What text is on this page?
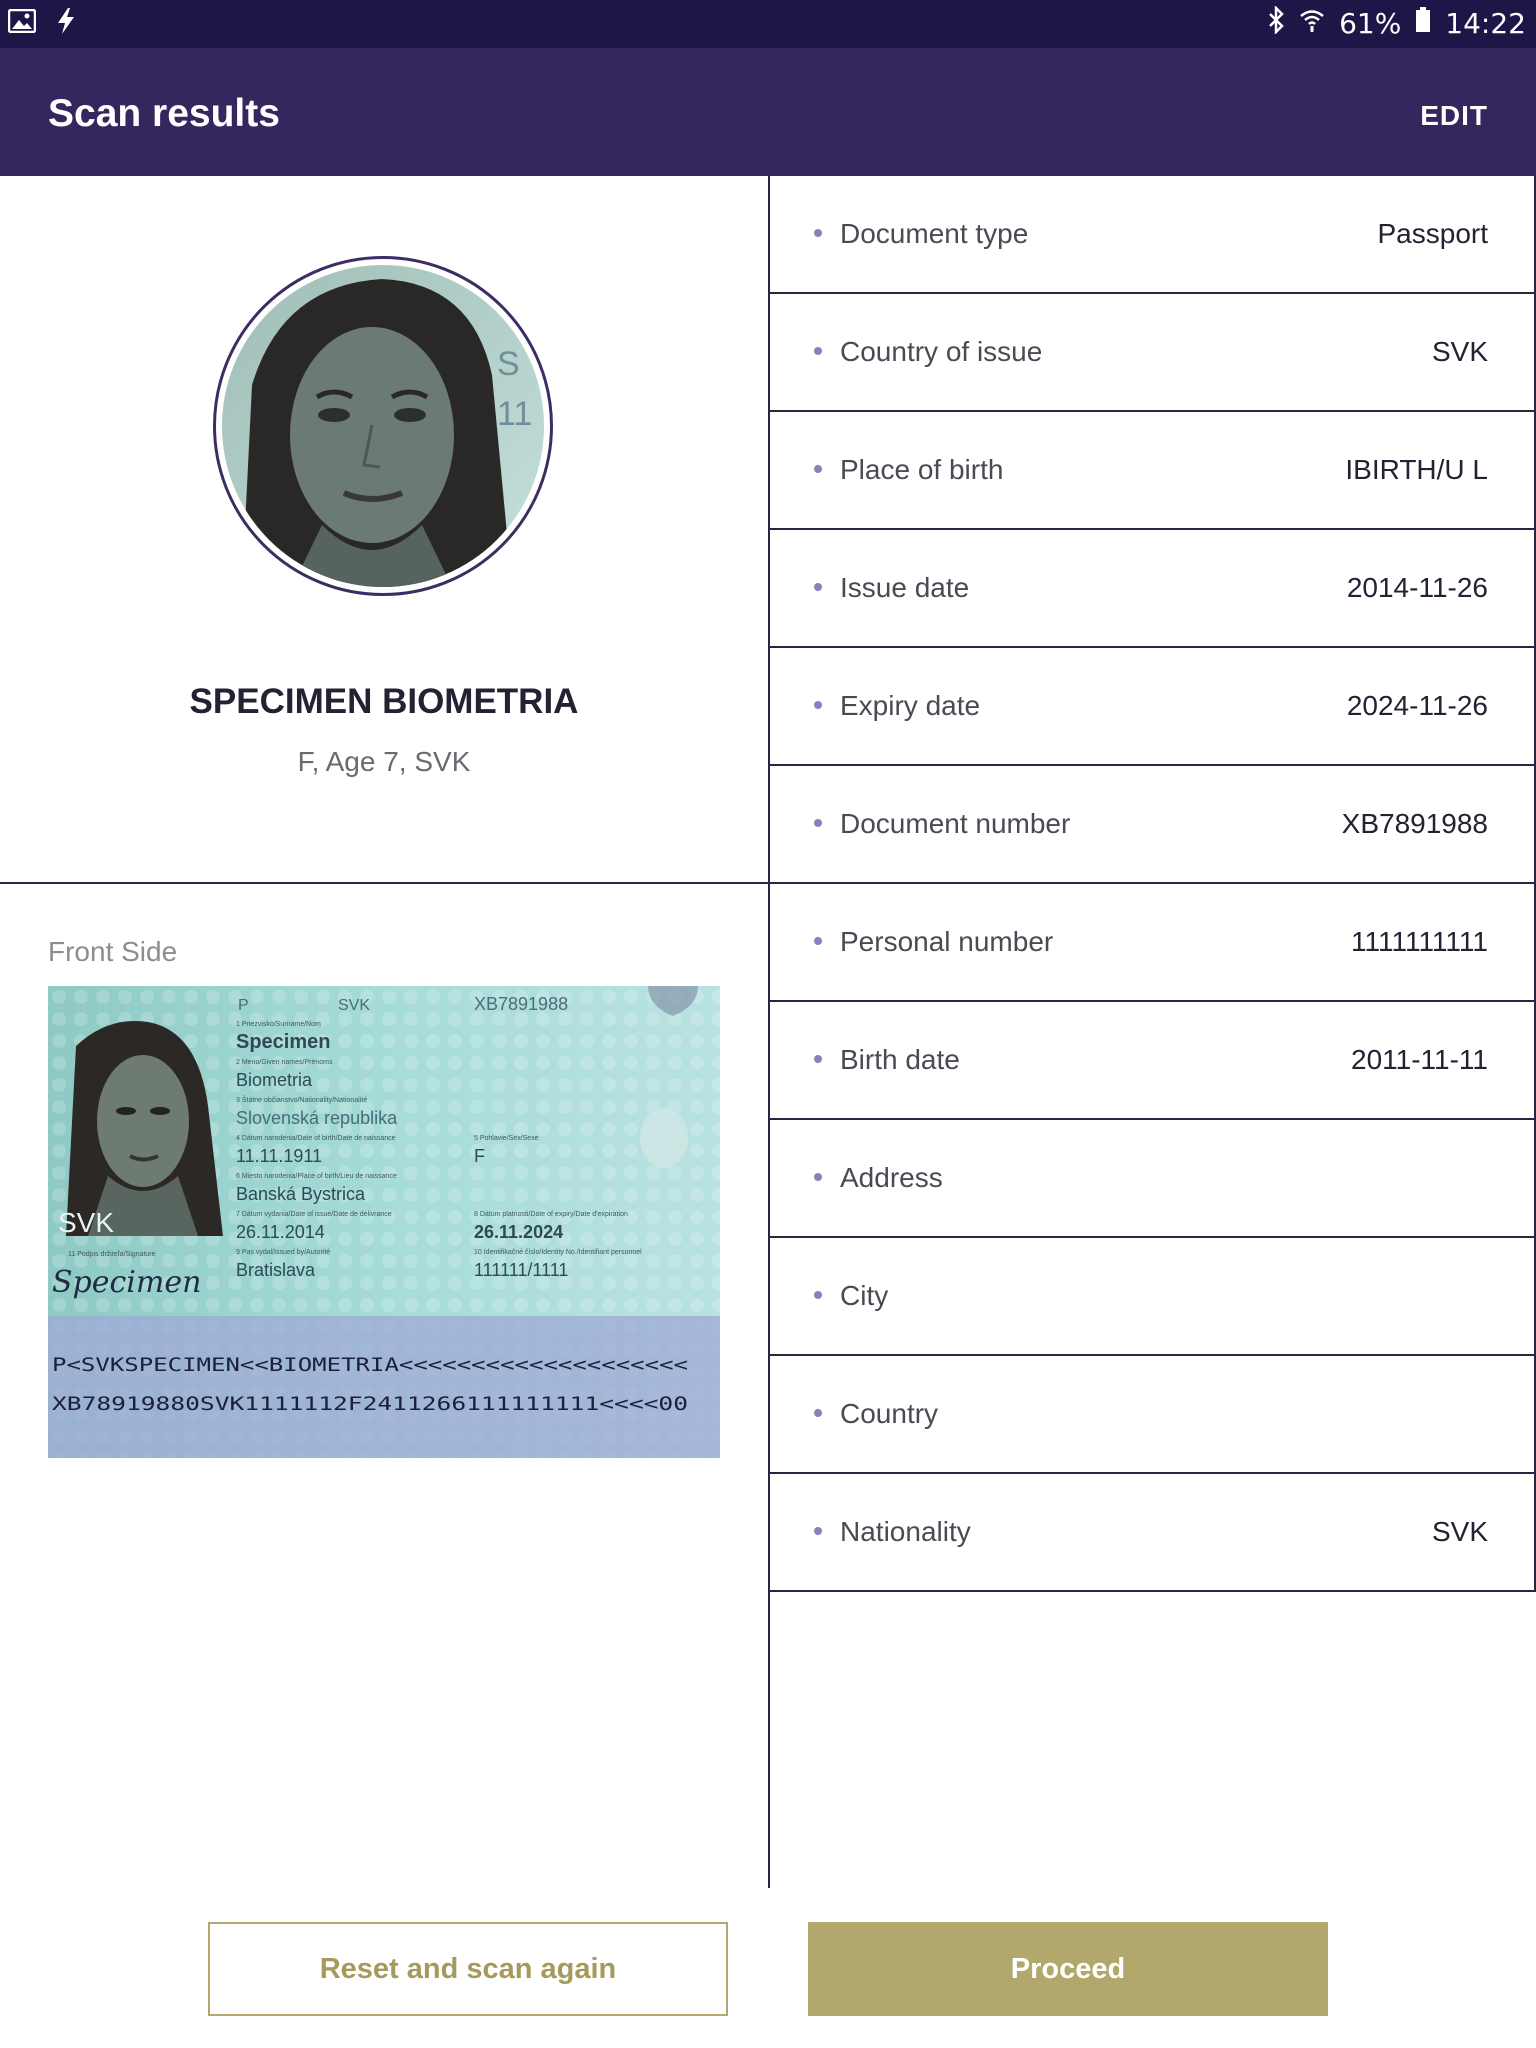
61% 14:22
Scan results	EDIT
S
11
SPECIMEN BIOMETRIA
F, Age 7, SVK
Front Side
SVK
P	SVK	XB7891988
1 Priezvisko/Surname/Nom
Specimen
2 Meno/Given names/Prénoms
Biometria
3 Štátne občianstvo/Nationality/Nationalité
Slovenská republika
4 Dátum narodenia/Date of birth/Date de naissance	5 Pohlavie/Sex/Sexe
11.11.1911	F
6 Miesto narodenia/Place of birth/Lieu de naissance
Banská Bystrica
7 Dátum vydania/Date of issue/Date de délivrance	8 Dátum platnosti/Date of expiry/Date d'expiration
26.11.2014	26.11.2024
11 Podpis držiteľa/Signature	9 Pas vydal/Issued by/Autorité	10 Identifikačné číslo/Identity No./Identifiant personnel
Bratislava	111111/1111
Specimen
P<SVKSPECIMEN<<BIOMETRIA<<<<<<<<<<<<<<<<<<<<
XB78919880SVK1111112F2411266111111111<<<<00
Document type	Passport
Country of issue	SVK
Place of birth	IBIRTH/U L
Issue date	2014-11-26
Expiry date	2024-11-26
Document number	XB7891988
Personal number	1111111111
Birth date	2011-11-11
Address
City
Country
Nationality	SVK
Reset and scan again	Proceed
